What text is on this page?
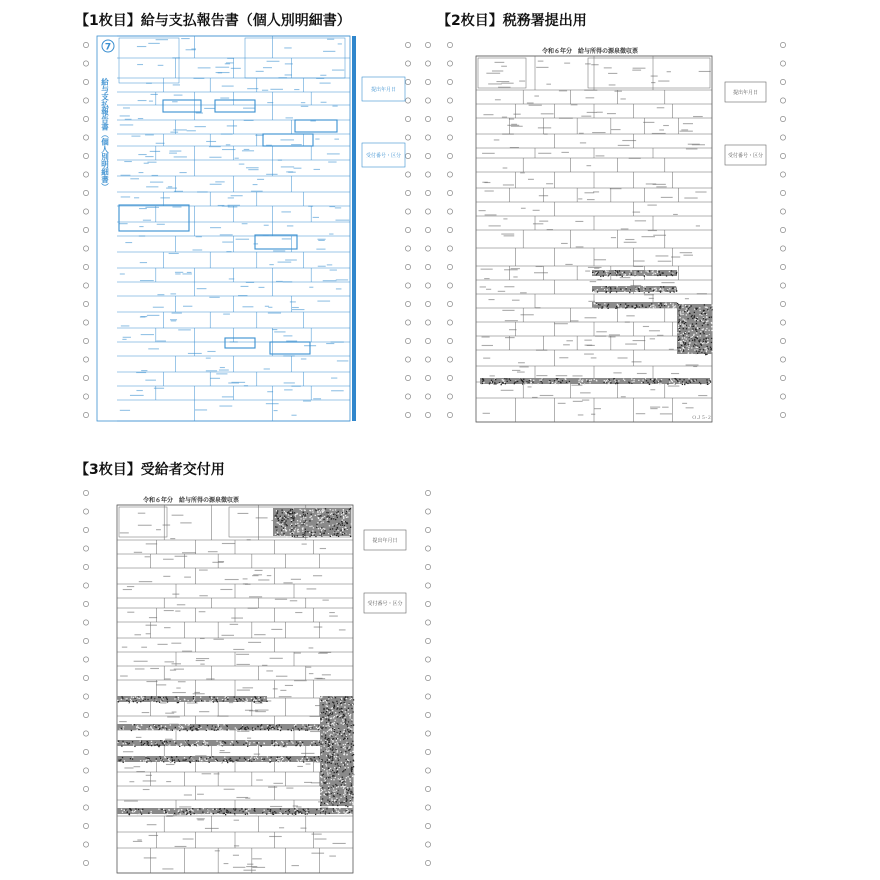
【1枚目】給与支払報告書（個人別明細書）	【2枚目】税務署提出用
【3枚目】受給者交付用
7
給与支払報告書（個人別明細書）	提出年月日
受付番号・区分
令和６年分　給与所得の源泉徴収票
提出年月日
受付番号・区分
ＯＪ５-２
令和６年分　給与所得の源泉徴収票
提出年月日
受付番号・区分
